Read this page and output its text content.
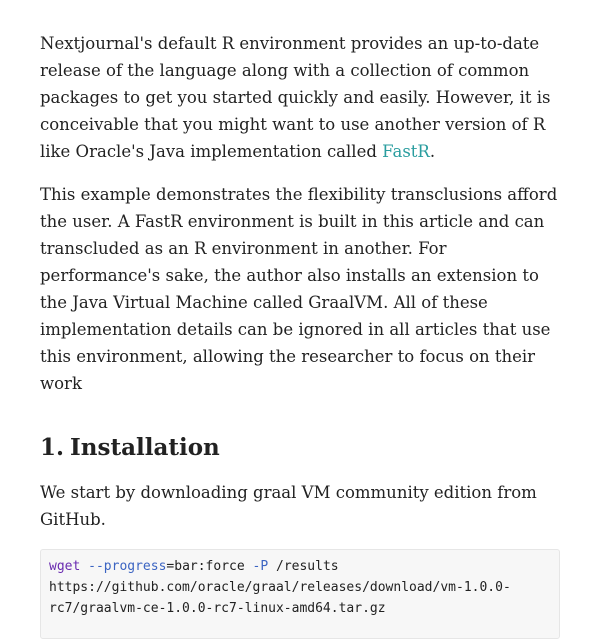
Nextjournal's default R environment provides an up-to-date release of the language along with a collection of common packages to get you started quickly and easily. However, it is conceivable that you might want to use another version of R like Oracle's Java implementation called FastR.

This example demonstrates the flexibility transclusions afford the user. A FastR environment is built in this article and can transcluded as an R environment in another. For performance's sake, the author also installs an extension to the Java Virtual Machine called GraalVM. All of these implementation details can be ignored in all articles that use this environment, allowing the researcher to focus on their work

1. Installation

We start by downloading graal VM community edition from GitHub.

wget --progress=bar:force -P /results
https://github.com/oracle/graal/releases/download/vm-1.0.0-
rc7/graalvm-ce-1.0.0-rc7-linux-amd64.tar.gz
